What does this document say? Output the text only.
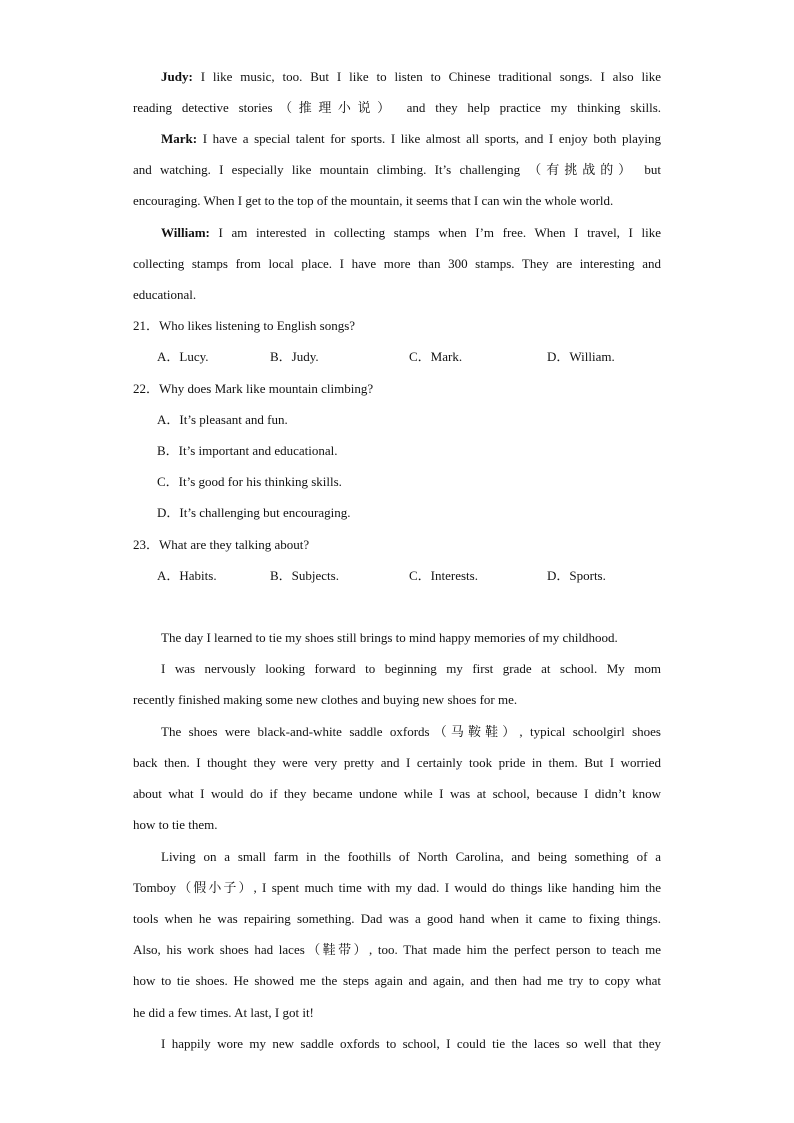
Judy: I like music, too. But I like to listen to Chinese traditional songs. I also like
reading detective stories（推理小说） and they help practice my thinking skills.
Mark: I have a special talent for sports. I like almost all sports, and I enjoy both playing
and watching. I especially like mountain climbing. It’s challenging （有挑战的） but
encouraging. When I get to the top of the mountain, it seems that I can win the whole world.
William: I am interested in collecting stamps when I’m free. When I travel, I like
collecting stamps from local place. I have more than 300 stamps. They are interesting and
educational.
21．Who likes listening to English songs?
A．Lucy.	B．Judy.	C．Mark.	D．William.
22．Why does Mark like mountain climbing?
A．It’s pleasant and fun.
B．It’s important and educational.
C．It’s good for his thinking skills.
D．It’s challenging but encouraging.
23．What are they talking about?
A．Habits.	B．Subjects.	C．Interests.	D．Sports.
The day I learned to tie my shoes still brings to mind happy memories of my childhood.
I was nervously looking forward to beginning my first grade at school. My mom
recently finished making some new clothes and buying new shoes for me.
The shoes were black-and-white saddle oxfords（马鞍鞋）, typical schoolgirl shoes
back then. I thought they were very pretty and I certainly took pride in them. But I worried
about what I would do if they became undone while I was at school, because I didn’t know
how to tie them.
Living on a small farm in the foothills of North Carolina, and being something of a
Tomboy（假小子）, I spent much time with my dad. I would do things like handing him the
tools when he was repairing something. Dad was a good hand when it came to fixing things.
Also, his work shoes had laces（鞋带）, too. That made him the perfect person to teach me
how to tie shoes. He showed me the steps again and again, and then had me try to copy what
he did a few times. At last, I got it!
I happily wore my new saddle oxfords to school, I could tie the laces so well that they
